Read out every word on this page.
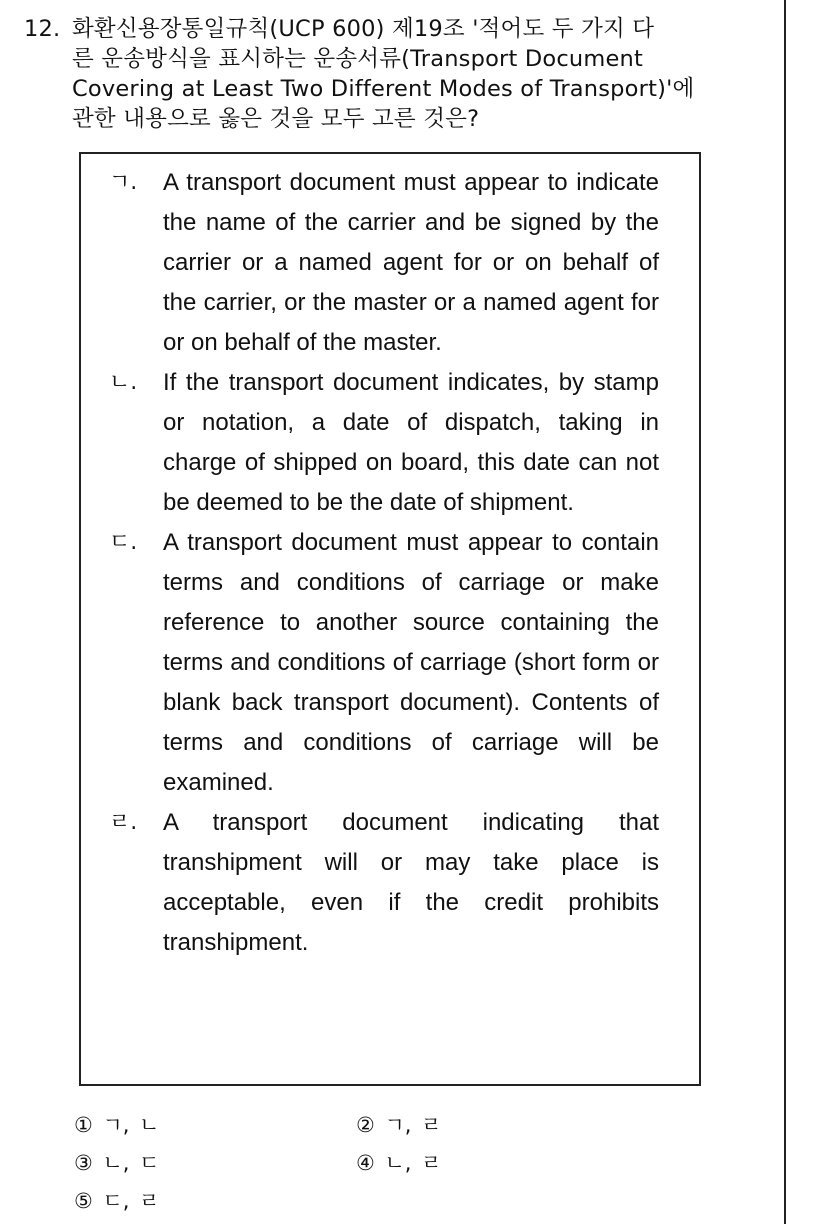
12. 화환신용장통일규칙(UCP 600) 제19조 '적어도 두 가지 다
른 운송방식을 표시하는 운송서류(Transport Document
Covering at Least Two Different Modes of Transport)'에
관한 내용으로 옳은 것을 모두 고른 것은?
ㄱ.	A transport document must appear to indicate the name of the carrier and be signed by the carrier or a named agent for or on behalf of the carrier, or the master or a named agent for or on behalf of the master.
ㄴ.	If the transport document indicates, by stamp or notation, a date of dispatch, taking in charge of shipped on board, this date can not be deemed to be the date of shipment.
ㄷ.	A transport document must appear to contain terms and conditions of carriage or make reference to another source containing the terms and conditions of carriage (short form or blank back transport document). Contents of terms and conditions of carriage will be examined.
ㄹ.	A transport document indicating that transhipment will or may take place is acceptable, even if the credit prohibits transhipment.
① ㄱ, ㄴ	② ㄱ, ㄹ
③ ㄴ, ㄷ	④ ㄴ, ㄹ
⑤ ㄷ, ㄹ
